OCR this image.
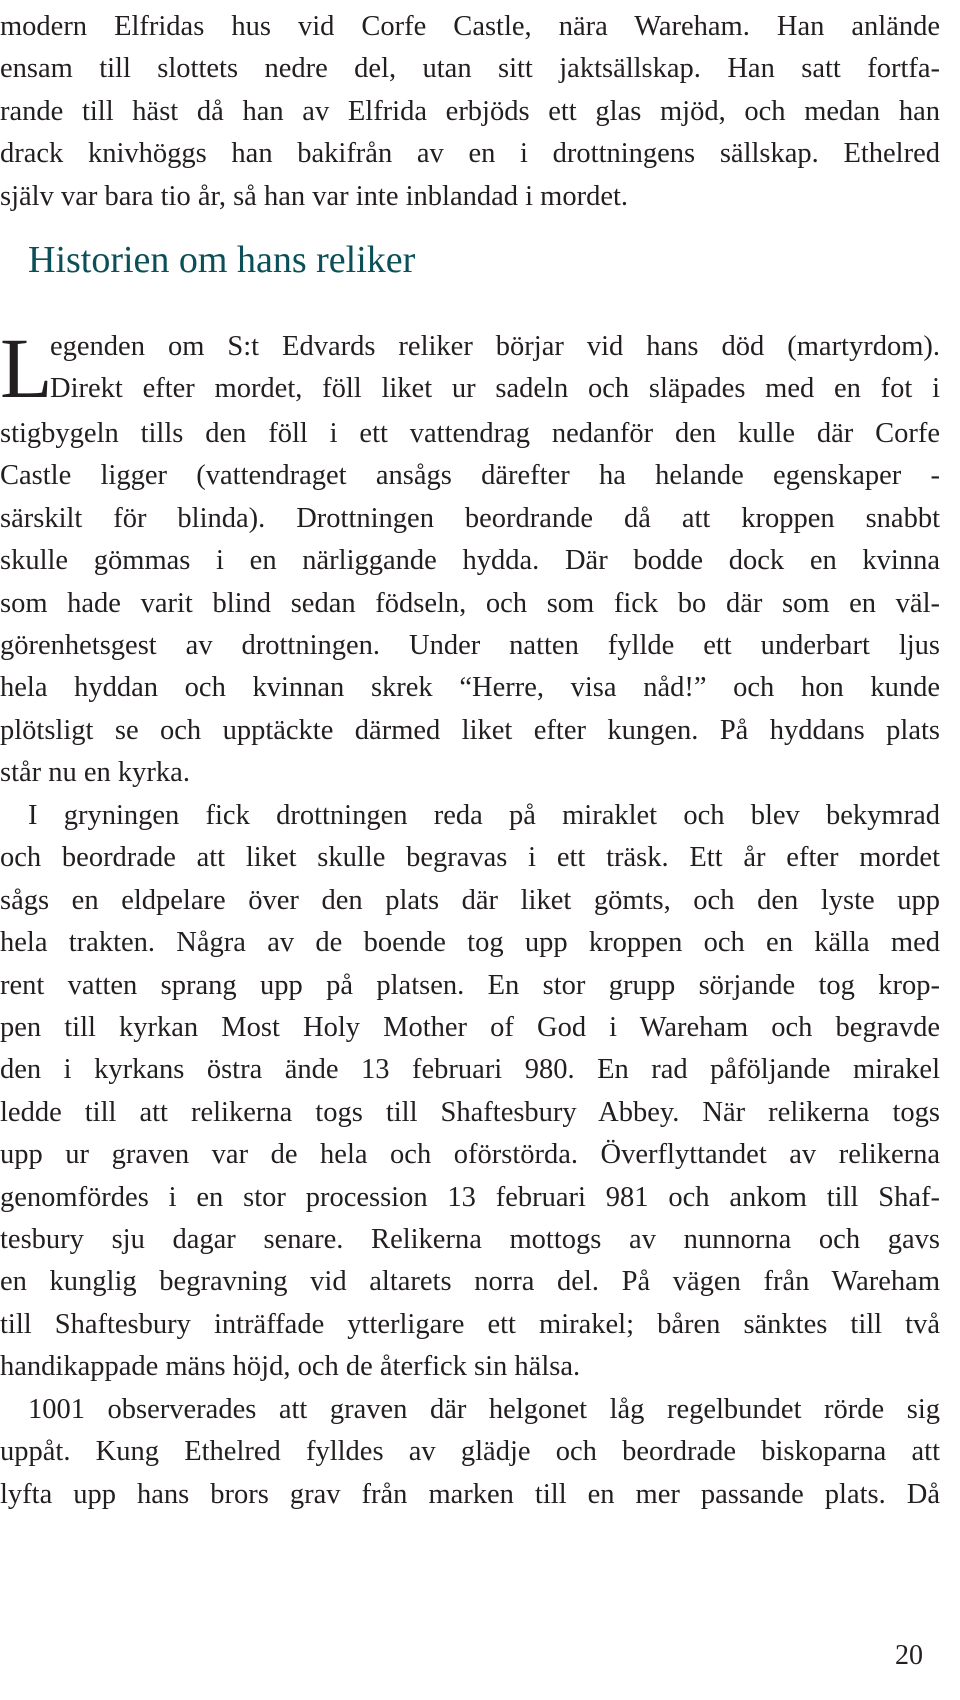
modern Elfridas hus vid Corfe Castle, nära Wareham. Han anlände
ensam till slottets nedre del, utan sitt jaktsällskap. Han satt fortfa-
rande till häst då han av Elfrida erbjöds ett glas mjöd, och medan han
drack knivhöggs han bakifrån av en i drottningens sällskap. Ethelred
själv var bara tio år, så han var inte inblandad i mordet.
Historien om hans reliker
L
egenden om S:t Edvards reliker börjar vid hans död (martyrdom).
Direkt efter mordet, föll liket ur sadeln och släpades med en fot i
stigbygeln tills den föll i ett vattendrag nedanför den kulle där Corfe
Castle ligger (vattendraget ansågs därefter ha helande egenskaper -
särskilt för blinda). Drottningen beordrande då att kroppen snabbt
skulle gömmas i en närliggande hydda. Där bodde dock en kvinna
som hade varit blind sedan födseln, och som fick bo där som en väl-
görenhetsgest av drottningen. Under natten fyllde ett underbart ljus
hela hyddan och kvinnan skrek “Herre, visa nåd!” och hon kunde
plötsligt se och upptäckte därmed liket efter kungen. På hyddans plats
står nu en kyrka.
I gryningen fick drottningen reda på miraklet och blev bekymrad
och beordrade att liket skulle begravas i ett träsk. Ett år efter mordet
sågs en eldpelare över den plats där liket gömts, och den lyste upp
hela trakten. Några av de boende tog upp kroppen och en källa med
rent vatten sprang upp på platsen. En stor grupp sörjande tog krop-
pen till kyrkan Most Holy Mother of God i Wareham och begravde
den i kyrkans östra ände 13 februari 980. En rad påföljande mirakel
ledde till att relikerna togs till Shaftesbury Abbey. När relikerna togs
upp ur graven var de hela och oförstörda. Överflyttandet av relikerna
genomfördes i en stor procession 13 februari 981 och ankom till Shaf-
tesbury sju dagar senare. Relikerna mottogs av nunnorna och gavs
en kunglig begravning vid altarets norra del. På vägen från Wareham
till Shaftesbury inträffade ytterligare ett mirakel; båren sänktes till två
handikappade mäns höjd, och de återfick sin hälsa.
1001 observerades att graven där helgonet låg regelbundet rörde sig
uppåt. Kung Ethelred fylldes av glädje och beordrade biskoparna att
lyfta upp hans brors grav från marken till en mer passande plats. Då
20
